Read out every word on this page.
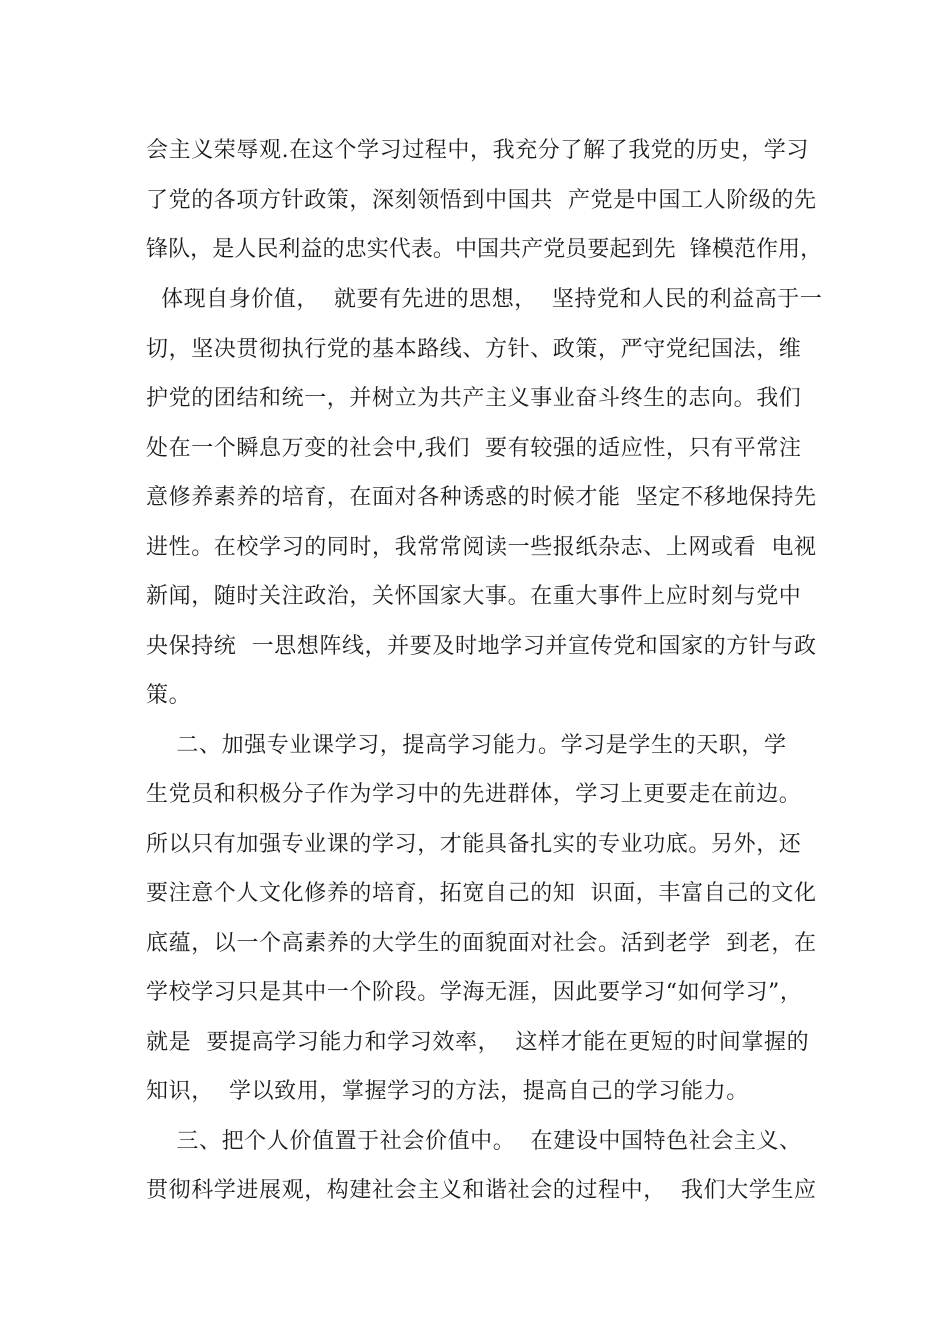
会主义荣辱观.在这个学习过程中，我充分了解了我党的历史，学习
了党的各项方针政策，深刻领悟到中国共  产党是中国工人阶级的先
锋队，是人民利益的忠实代表。中国共产党员要起到先  锋模范作用，
体现自身价值，  就要有先进的思想，  坚持党和人民的利益高于一
切，坚决贯彻执行党的基本路线、方针、政策，严守党纪国法，维
护党的团结和统一，并树立为共产主义事业奋斗终生的志向。我们
处在一个瞬息万变的社会中,我们  要有较强的适应性，只有平常注
意修养素养的培育，在面对各种诱惑的时候才能  坚定不移地保持先
进性。在校学习的同时，我常常阅读一些报纸杂志、上网或看  电视
新闻，随时关注政治，关怀国家大事。在重大事件上应时刻与党中
央保持统  一思想阵线，并要及时地学习并宣传党和国家的方针与政
策。
二、加强专业课学习，提高学习能力。学习是学生的天职，学
生党员和积极分子作为学习中的先进群体，学习上更要走在前边。
所以只有加强专业课的学习，才能具备扎实的专业功底。另外，还
要注意个人文化修养的培育，拓宽自己的知  识面，丰富自己的文化
底蕴，以一个高素养的大学生的面貌面对社会。活到老学  到老，在
学校学习只是其中一个阶段。学海无涯，因此要学习“如何学习”，
就是  要提高学习能力和学习效率，  这样才能在更短的时间掌握的
知识，  学以致用，掌握学习的方法，提高自己的学习能力。
三、把个人价值置于社会价值中。  在建设中国特色社会主义、
贯彻科学进展观，构建社会主义和谐社会的过程中，  我们大学生应
